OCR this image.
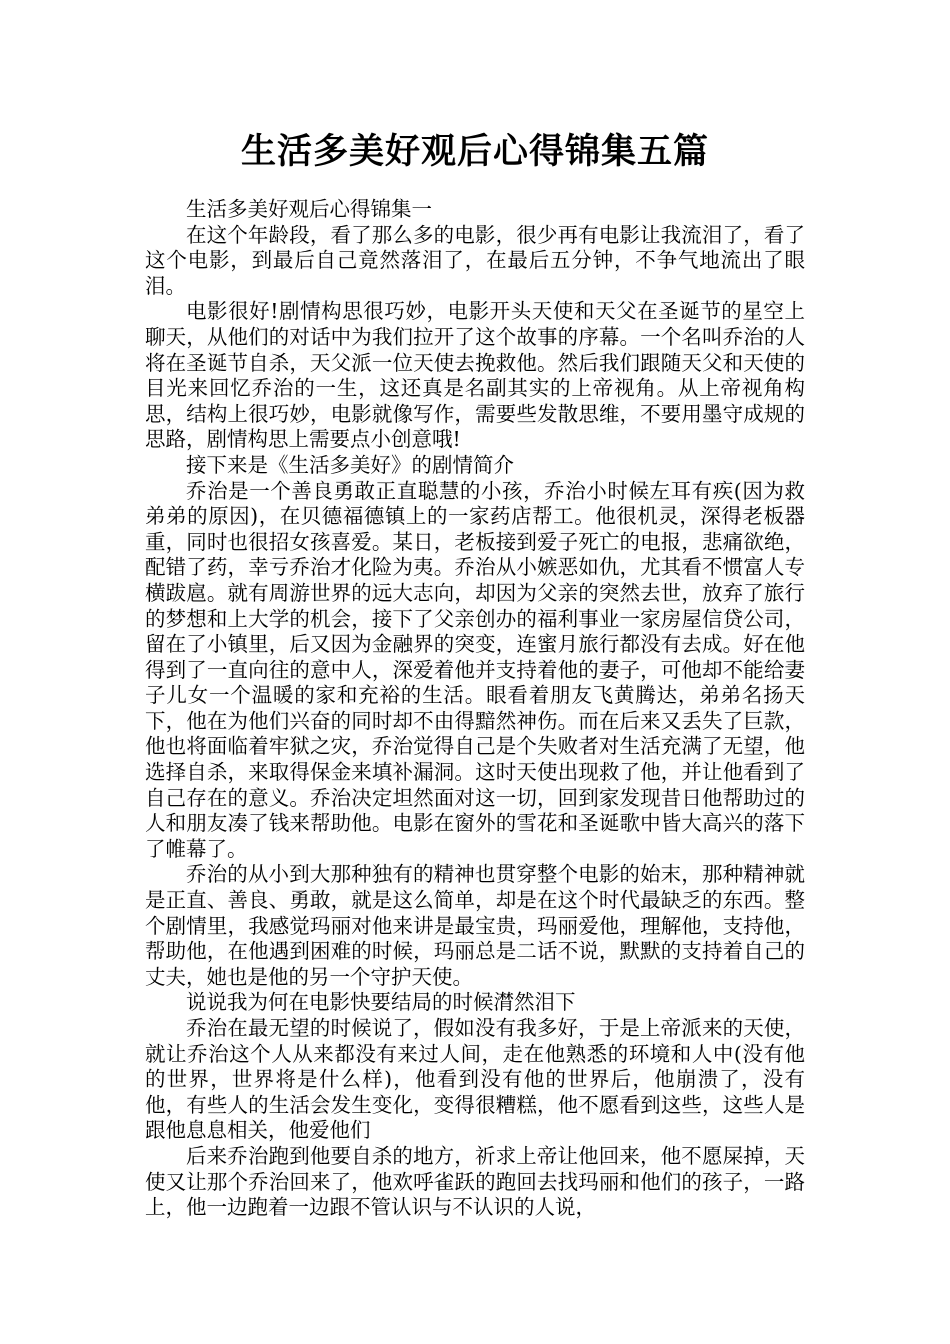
生活多美好观后心得锦集五篇

生活多美好观后心得锦集一

在这个年龄段，看了那么多的电影，很少再有电影让我流泪了，看了这个电影，到最后自己竟然落泪了，在最后五分钟，不争气地流出了眼泪。

电影很好!剧情构思很巧妙，电影开头天使和天父在圣诞节的星空上聊天，从他们的对话中为我们拉开了这个故事的序幕。一个名叫乔治的人将在圣诞节自杀，天父派一位天使去挽救他。然后我们跟随天父和天使的目光来回忆乔治的一生，这还真是名副其实的上帝视角。从上帝视角构思，结构上很巧妙，电影就像写作，需要些发散思维，不要用墨守成规的思路，剧情构思上需要点小创意哦!

接下来是《生活多美好》的剧情简介

乔治是一个善良勇敢正直聪慧的小孩，乔治小时候左耳有疾(因为救弟弟的原因)，在贝德福德镇上的一家药店帮工。他很机灵，深得老板器重，同时也很招女孩喜爱。某日，老板接到爱子死亡的电报，悲痛欲绝，配错了药，幸亏乔治才化险为夷。乔治从小嫉恶如仇，尤其看不惯富人专横跋扈。就有周游世界的远大志向，却因为父亲的突然去世，放弃了旅行的梦想和上大学的机会，接下了父亲创办的福利事业一家房屋信贷公司，留在了小镇里，后又因为金融界的突变，连蜜月旅行都没有去成。好在他得到了一直向往的意中人，深爱着他并支持着他的妻子，可他却不能给妻子儿女一个温暖的家和充裕的生活。眼看着朋友飞黄腾达，弟弟名扬天下，他在为他们兴奋的同时却不由得黯然神伤。而在后来又丢失了巨款，他也将面临着牢狱之灾，乔治觉得自己是个失败者对生活充满了无望，他选择自杀，来取得保金来填补漏洞。这时天使出现救了他，并让他看到了自己存在的意义。乔治决定坦然面对这一切，回到家发现昔日他帮助过的人和朋友凑了钱来帮助他。电影在窗外的雪花和圣诞歌中皆大高兴的落下了帷幕了。

乔治的从小到大那种独有的精神也贯穿整个电影的始末，那种精神就是正直、善良、勇敢，就是这么简单，却是在这个时代最缺乏的东西。整个剧情里，我感觉玛丽对他来讲是最宝贵，玛丽爱他，理解他，支持他，帮助他，在他遇到困难的时候，玛丽总是二话不说，默默的支持着自己的丈夫，她也是他的另一个守护天使。

说说我为何在电影快要结局的时候潸然泪下

乔治在最无望的时候说了，假如没有我多好，于是上帝派来的天使，就让乔治这个人从来都没有来过人间，走在他熟悉的环境和人中(没有他的世界，世界将是什么样)，他看到没有他的世界后，他崩溃了，没有他，有些人的生活会发生变化，变得很糟糕，他不愿看到这些，这些人是跟他息息相关，他爱他们

后来乔治跑到他要自杀的地方，祈求上帝让他回来，他不愿屎掉，天使又让那个乔治回来了，他欢呼雀跃的跑回去找玛丽和他们的孩子，一路上，他一边跑着一边跟不管认识与不认识的人说，
